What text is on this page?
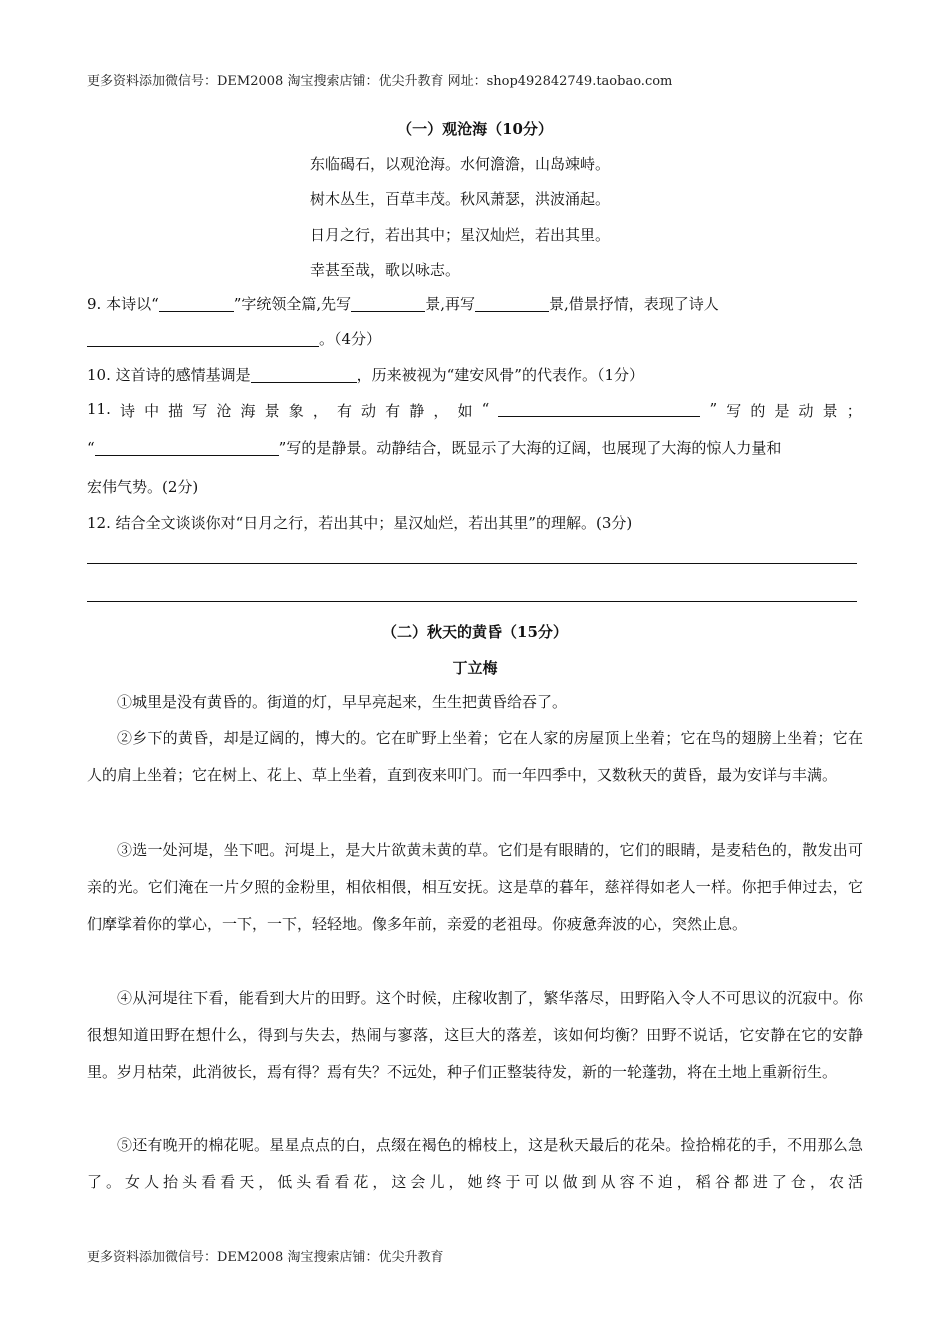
更多资料添加微信号：DEM2008 淘宝搜索店铺：优尖升教育 网址：shop492842749.taobao.com
（一）观沧海（10分）
东临碣石，以观沧海。水何澹澹，山岛竦峙。
树木丛生，百草丰茂。秋风萧瑟，洪波涌起。
日月之行，若出其中；星汉灿烂，若出其里。
幸甚至哉，歌以咏志。
9. 本诗以“	”字统领全篇,先写	景,再写	景,借景抒情，表现了诗人
。（4分）
10. 这首诗的感情基调是	，历来被视为“建安风骨”的代表作。（1分）
11. 诗 中 描 写 沧 海 景 象 ， 有 动 有 静 ， 如 “	” 写 的 是 动 景 ；
“	”写的是静景。动静结合，既显示了大海的辽阔，也展现了大海的惊人力量和
宏伟气势。(2分)
12. 结合全文谈谈你对“日月之行，若出其中；星汉灿烂，若出其里”的理解。(3分)
（二）秋天的黄昏（15分）
丁立梅
①城里是没有黄昏的。街道的灯，早早亮起来，生生把黄昏给吞了。
②乡下的黄昏，却是辽阔的，博大的。它在旷野上坐着；它在人家的房屋顶上坐着；它在鸟的翅膀上坐着；它在人的肩上坐着；它在树上、花上、草上坐着，直到夜来叩门。而一年四季中，又数秋天的黄昏，最为安详与丰满。
③选一处河堤，坐下吧。河堤上，是大片欲黄未黄的草。它们是有眼睛的，它们的眼睛，是麦秸色的，散发出可亲的光。它们淹在一片夕照的金粉里，相依相偎，相互安抚。这是草的暮年，慈祥得如老人一样。你把手伸过去，它们摩挲着你的掌心，一下，一下，轻轻地。像多年前，亲爱的老祖母。你疲惫奔波的心，突然止息。
④从河堤往下看，能看到大片的田野。这个时候，庄稼收割了，繁华落尽，田野陷入令人不可思议的沉寂中。你很想知道田野在想什么，得到与失去，热闹与寥落，这巨大的落差，该如何均衡？田野不说话，它安静在它的安静里。岁月枯荣，此消彼长，焉有得？焉有失？不远处，种子们正整装待发，新的一轮蓬勃，将在土地上重新衍生。
⑤还有晚开的棉花呢。星星点点的白，点缀在褐色的棉枝上，这是秋天最后的花朵。捡拾棉花的手，不用那么急了。女人抬头看看天，低头看看花，这会儿，她终于可以做到从容不迫，稻谷都进了仓，农活
更多资料添加微信号：DEM2008 淘宝搜索店铺：优尖升教育
